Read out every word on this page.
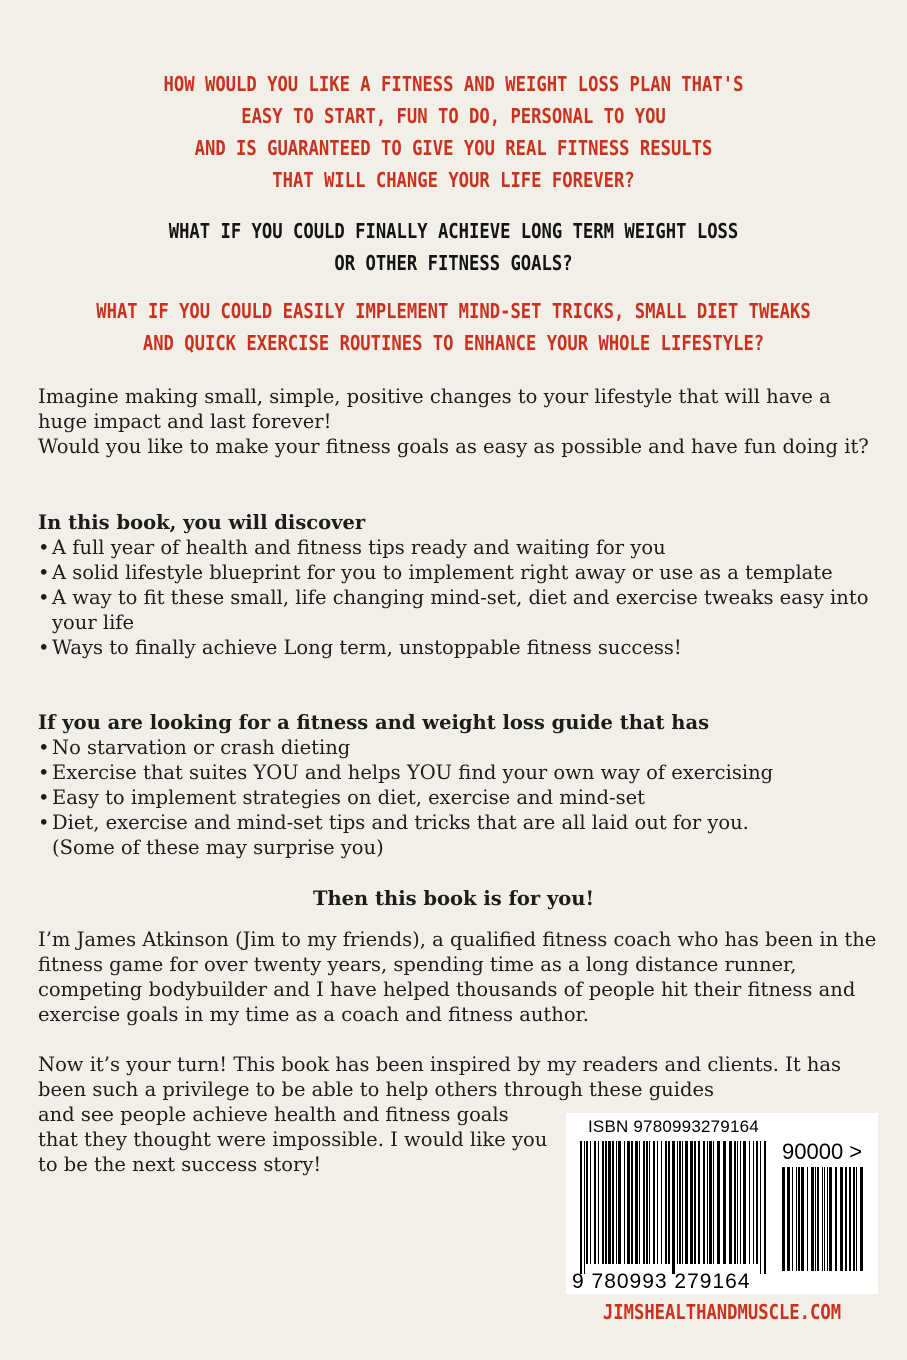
HOW WOULD YOU LIKE A FITNESS AND WEIGHT LOSS PLAN THAT'S
EASY TO START, FUN TO DO, PERSONAL TO YOU
AND IS GUARANTEED TO GIVE YOU REAL FITNESS RESULTS
THAT WILL CHANGE YOUR LIFE FOREVER?
WHAT IF YOU COULD FINALLY ACHIEVE LONG TERM WEIGHT LOSS
OR OTHER FITNESS GOALS?
WHAT IF YOU COULD EASILY IMPLEMENT MIND-SET TRICKS, SMALL DIET TWEAKS
AND QUICK EXERCISE ROUTINES TO ENHANCE YOUR WHOLE LIFESTYLE?

Imagine making small, simple, positive changes to your lifestyle that will have a huge impact and last forever!

Would you like to make your fitness goals as easy as possible and have fun doing it?

In this book, you will discover

• A full year of health and fitness tips ready and waiting for you
• A solid lifestyle blueprint for you to implement right away or use as a template
• A way to fit these small, life changing mind-set, diet and exercise tweaks easy into your life
• Ways to finally achieve Long term, unstoppable fitness success!

If you are looking for a fitness and weight loss guide that has

• No starvation or crash dieting
• Exercise that suites YOU and helps YOU find your own way of exercising
• Easy to implement strategies on diet, exercise and mind-set
• Diet, exercise and mind-set tips and tricks that are all laid out for you.

(Some of these may surprise you)

Then this book is for you!

I’m James Atkinson (Jim to my friends), a qualified fitness coach who has been in the fitness game for over twenty years, spending time as a long distance runner, competing bodybuilder and I have helped thousands of people hit their fitness and exercise goals in my time as a coach and fitness author.

Now it’s your turn! This book has been inspired by my readers and clients. It has been such a privilege to be able to help others through these guides

and see people achieve health and fitness goals that they thought were impossible. I would like you to be the next success story!

ISBN 9780993279164
90000 >
9 780993 279164
JIMSHEALTHANDMUSCLE.COM
